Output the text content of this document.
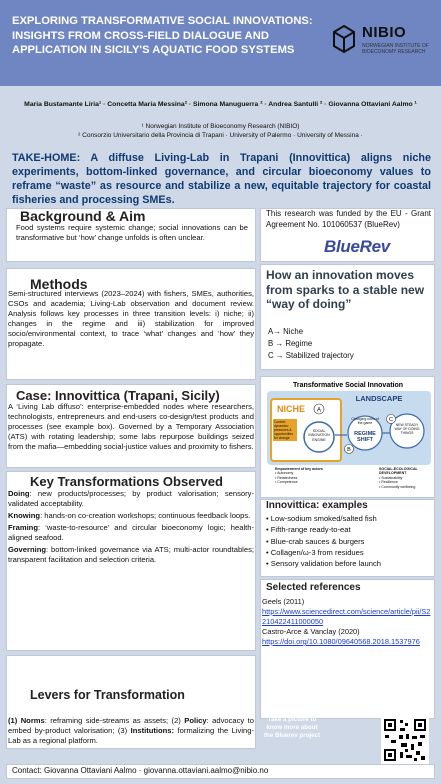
EXPLORING TRANSFORMATIVE SOCIAL INNOVATIONS: INSIGHTS FROM CROSS-FIELD DIALOGUE AND APPLICATION IN SICILY'S AQUATIC FOOD SYSTEMS
NIBIO
NORWEGIAN INSTITUTE OF BIOECONOMY RESEARCH
Maria Bustamante Liria¹ · Concetta Maria Messina² · Simona Manuguerra ² · Andrea Santulli ² · Giovanna Ottaviani Aalmo ¹
¹ Norwegian Institute of Bioeconomy Research (NIBIO)
² Consorzio Universitario della Provincia di Trapani · University of Palermo · University of Messina ·
TAKE-HOME: A diffuse Living-Lab in Trapani (Innovittica) aligns niche experiments, bottom-linked governance, and circular bioeconomy values to reframe “waste” as resource and stabilize a new, equitable trajectory for coastal fisheries and processing SMEs.
Background & Aim
Food systems require systemic change; social innovations can be transformative but ‘how’ change unfolds is often unclear.
This research was funded by the EU - Grant Agreement No. 101060537 (BlueRev)
BlueRev
Methods
Semi-structured interviews (2023–2024) with fishers, SMEs, authorities, CSOs and academia; Living-Lab observation and document review. Analysis follows key processes in three transition levels: i) niche; ii) changes in the regime and iii) stabilization for improved socio/environmental context, to trace ‘what’ changes and ‘how’ they propagate.
How an innovation moves from sparks to a stable new “way of doing”
A→ Niche
B → Regime
C → Stabilized trajectory
Case: Innovittica (Trapani, Sicily)
A ‘Living Lab diffuso’: enterprise-embedded nodes where researchers, technologists, entrepreneurs and end-users co-design/test products and processes (see example box). Governed by a Temporary Association (ATS) with rotating leadership; some labs repurpose buildings seized from the mafia—embedding social-justice values and proximity to fishers.
Transformative Social Innovation
LANDSCAPE
NICHE A
Context dynamics: pressures & opportunities for change
SOCIAL INNOVATION ENGINE
Changing rules of the game
REGIME SHIFT
B
NEW STEADY WAY OF DOING THINGS
C
Empowerment of key actors
• Autonomy
• Relatedness
• Competence
SOCIAL-ECOLOGICAL DEVELOPMENT
• Sustainability
• Resilience
• Community wellbeing
Key Transformations Observed

Doing: new products/processes; by product valorisation; sensory-validated acceptability.

Knowing: hands-on co-creation workshops; continuous feedback loops.

Framing: ‘waste-to-resource’ and circular bioeconomy logic; health-aligned seafood.

Governing: bottom-linked governance via ATS; multi-actor roundtables; transparent facilitation and selection criteria.

Innovittica: examples
• Low-sodium smoked/salted fish
• Fifth-range ready-to-eat
• Blue-crab sauces & burgers
• Collagen/ω-3 from residues
• Sensory validation before launch
Selected references
Geels (2011)
https://www.sciencedirect.com/science/article/pii/S2210422411000050
Castro-Arce & Vanclay (2020)
https://doi.org/10.1080/09640568.2018.1537976
Levers for Transformation
(1) Norms: reframing side-streams as assets; (2) Policy: advocacy to embed by-product valorisation; (3) Institutions: formalizing the Living-Lab as a regional platform.
Take a picture to know more about the Bluerev project
Contact: Giovanna Ottaviani Aalmo · giovanna.ottaviani.aalmo@nibio.no
